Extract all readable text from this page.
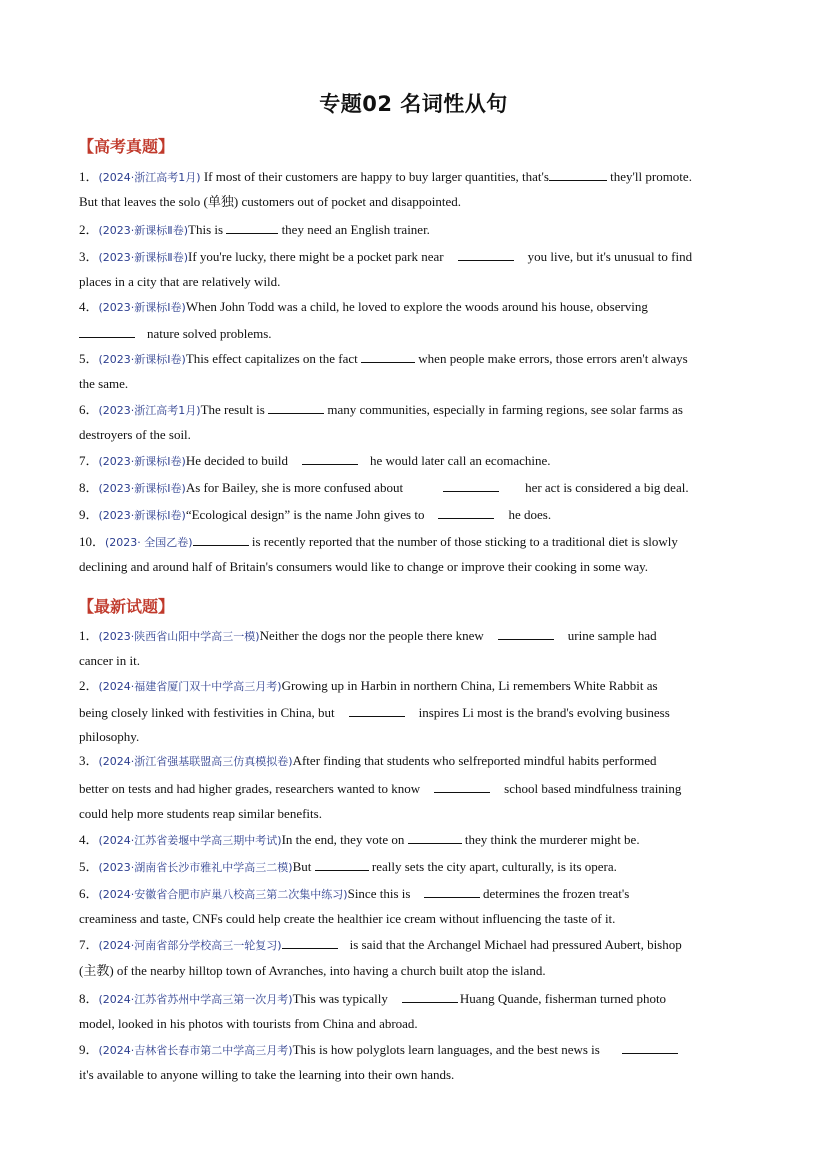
专题02 名词性从句
【高考真题】
1．(2024·浙江高考1月) If most of their customers are happy to buy larger quantities, that's	they'll promote.
But that leaves the solo (单独) customers out of pocket and disappointed.
2．(2023·新课标Ⅱ卷)This is	they need an English trainer.
3．(2023·新课标Ⅱ卷)If you're lucky, there might be a pocket park near	you live, but it's unusual to find
places in a city that are relatively wild.
4．(2023·新课标Ⅰ卷)When John Todd was a child, he loved to explore the woods around his house, observing
nature solved problems.
5．(2023·新课标Ⅰ卷)This effect capitalizes on the fact	when people make errors, those errors aren't always
the same.
6．(2023·浙江高考1月)The result is	many communities, especially in farming regions, see solar farms as
destroyers of the soil.
7．(2023·新课标Ⅰ卷)He decided to build	he would later call an ecomachine.
8．(2023·新课标Ⅰ卷)As for Bailey, she is more confused about	her act is considered a big deal.
9．(2023·新课标Ⅰ卷)“Ecological design” is the name John gives to	he does.
10．(2023· 全国乙卷)	is recently reported that the number of those sticking to a traditional diet is slowly
declining and around half of Britain's consumers would like to change or improve their cooking in some way.
【最新试题】
1．(2023·陕西省山阳中学高三一模)Neither the dogs nor the people there knew	urine sample had
cancer in it.
2．(2024·福建省厦门双十中学高三月考)Growing up in Harbin in northern China, Li remembers White Rabbit as
being closely linked with festivities in China, but	inspires Li most is the brand's evolving business
philosophy.
3．(2024·浙江省强基联盟高三仿真模拟卷)After finding that students who selfreported mindful habits performed
better on tests and had higher grades, researchers wanted to know	school based mindfulness training
could help more students reap similar benefits.
4．(2024·江苏省姜堰中学高三期中考试)In the end, they vote on	they think the murderer might be.
5．(2023·湖南省长沙市雅礼中学高三二模)But	really sets the city apart, culturally, is its opera.
6．(2024·安徽省合肥市庐巢八校高三第二次集中练习)Since this is	determines the frozen treat's
creaminess and taste, CNFs could help create the healthier ice cream without influencing the taste of it.
7．(2024·河南省部分学校高三一轮复习)	is said that the Archangel Michael had pressured Aubert, bishop
(主教) of the nearby hilltop town of Avranches, into having a church built atop the island.
8．(2024·江苏省苏州中学高三第一次月考)This was typically	Huang Quande, fisherman turned photo
model, looked in his photos with tourists from China and abroad.
9．(2024·吉林省长春市第二中学高三月考)This is how polyglots learn languages, and the best news is
it's available to anyone willing to take the learning into their own hands.
